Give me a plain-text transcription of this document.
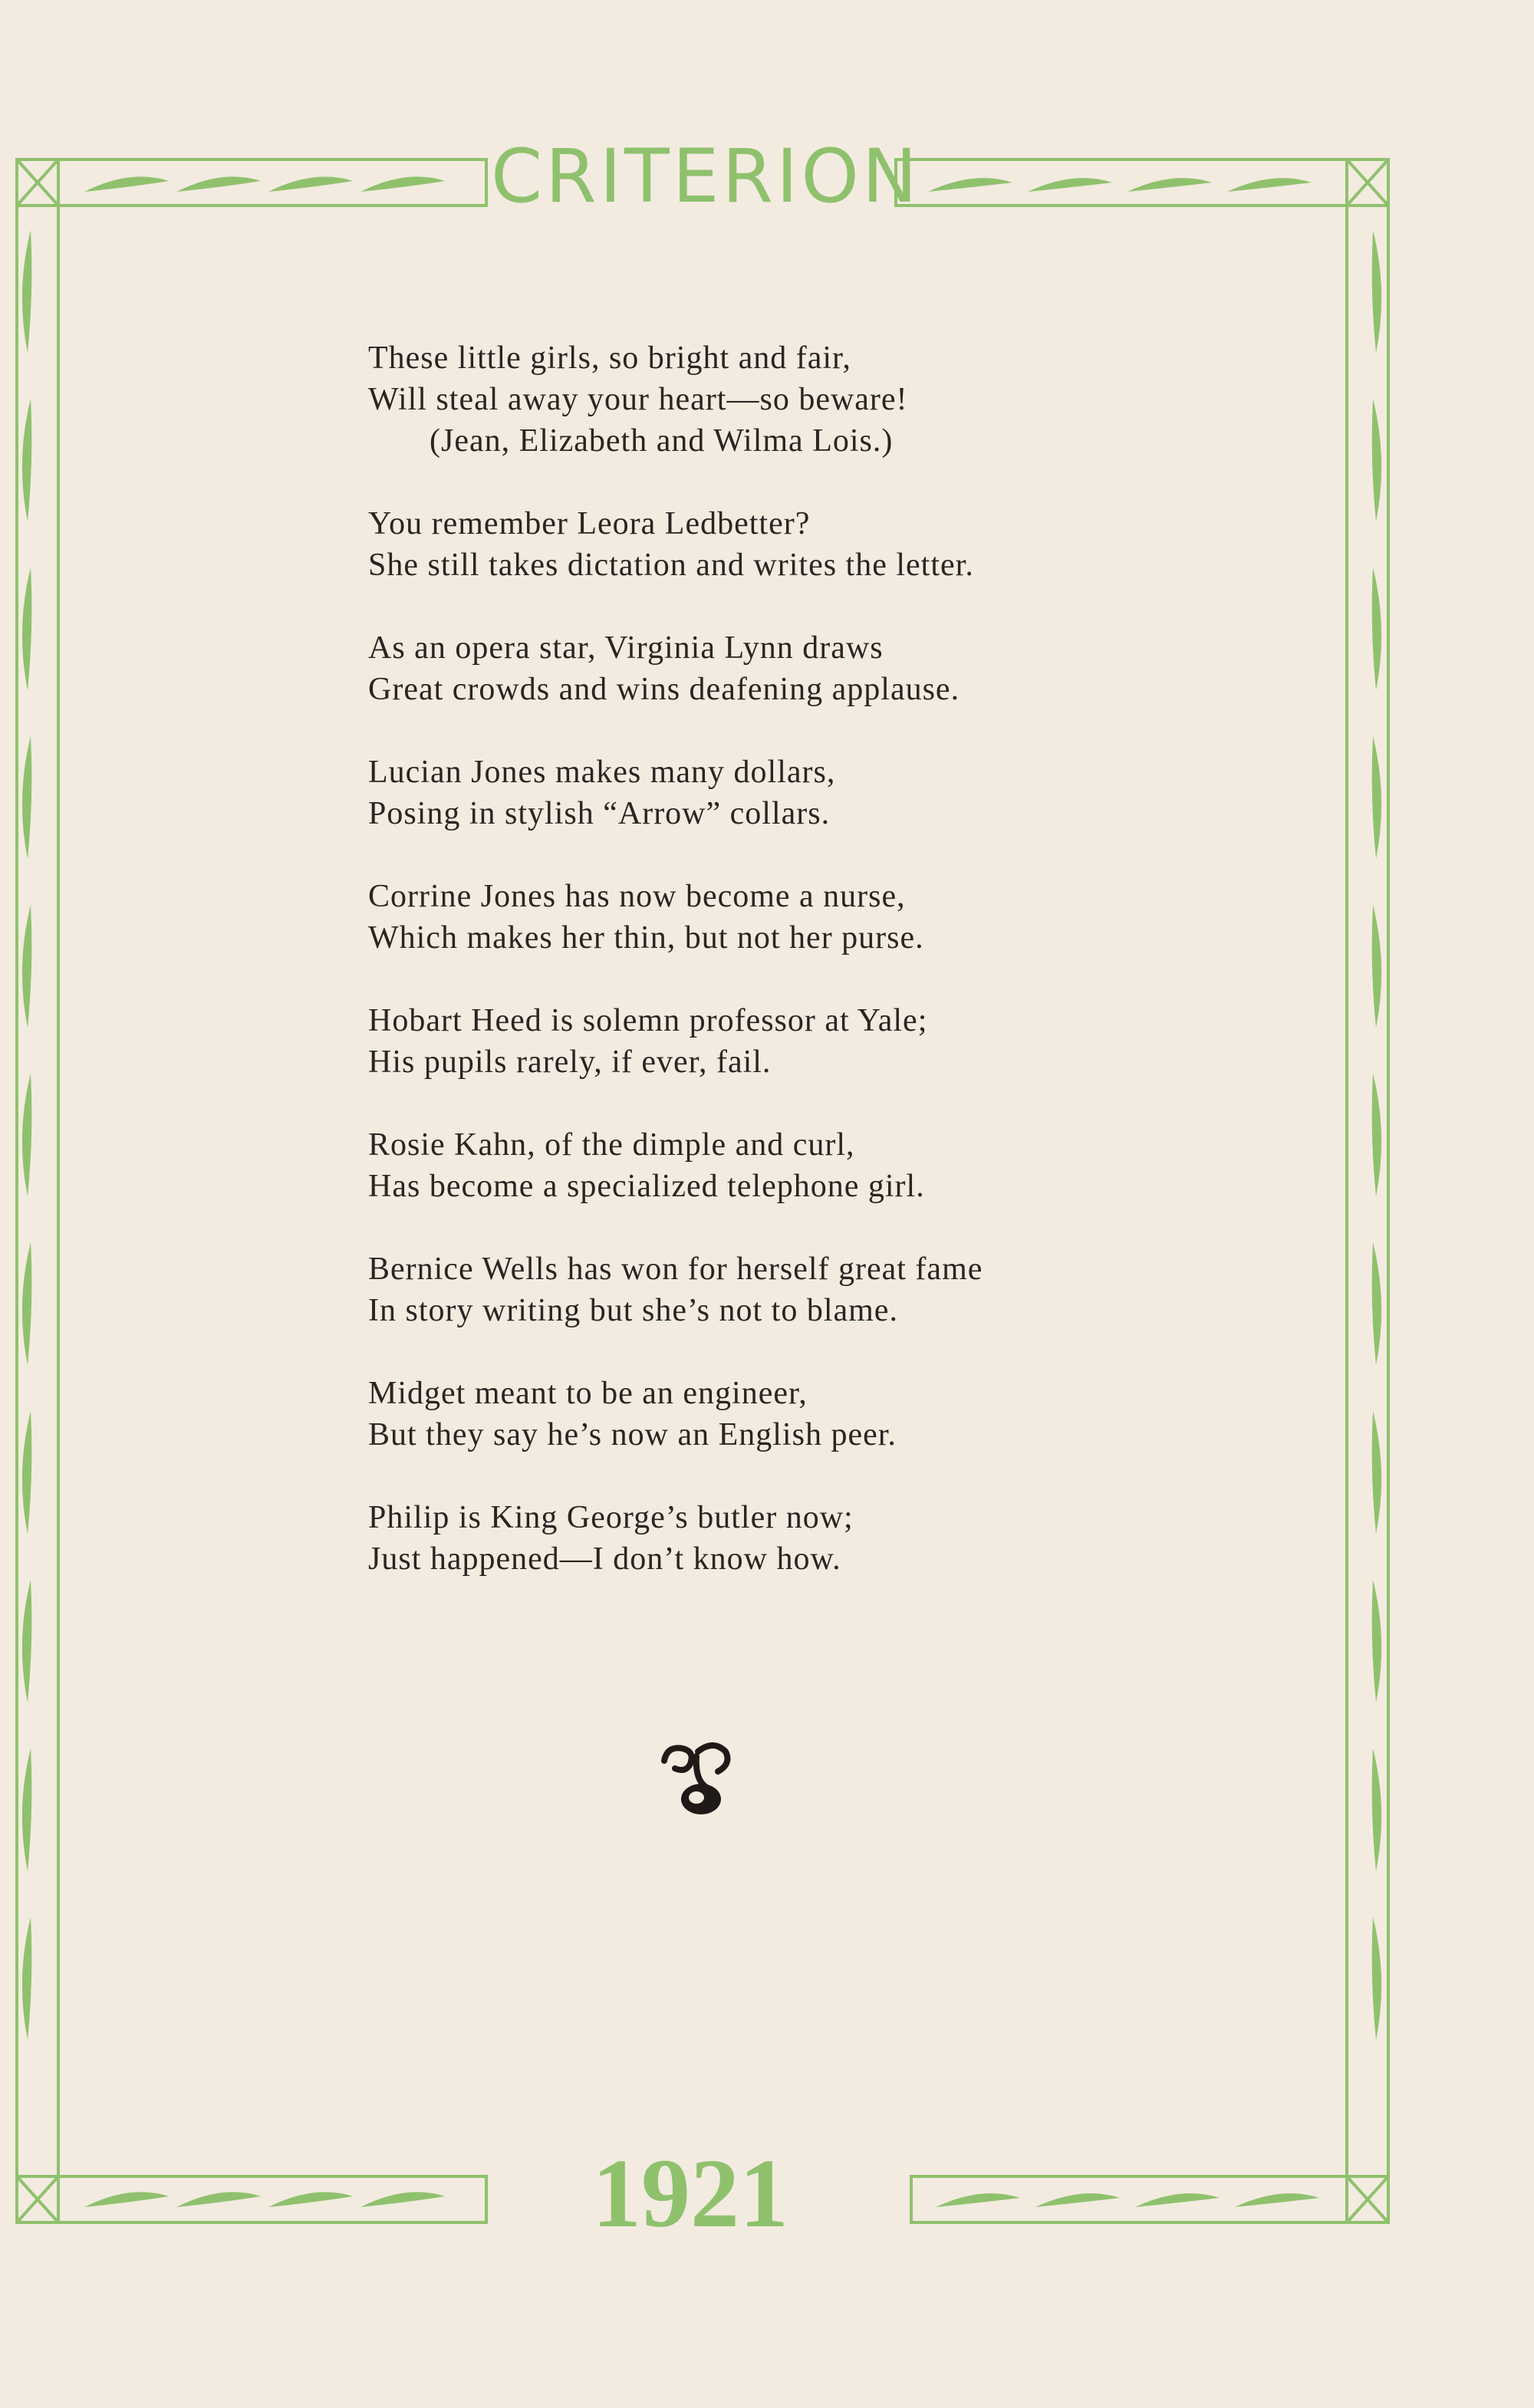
CRITERION
These little girls, so bright and fair,
Will steal away your heart—so beware!
(Jean, Elizabeth and Wilma Lois.)
You remember Leora Ledbetter?
She still takes dictation and writes the letter.
As an opera star, Virginia Lynn draws
Great crowds and wins deafening applause.
Lucian Jones makes many dollars,
Posing in stylish “Arrow” collars.
Corrine Jones has now become a nurse,
Which makes her thin, but not her purse.
Hobart Heed is solemn professor at Yale;
His pupils rarely, if ever, fail.
Rosie Kahn, of the dimple and curl,
Has become a specialized telephone girl.
Bernice Wells has won for herself great fame
In story writing but she’s not to blame.
Midget meant to be an engineer,
But they say he’s now an English peer.
Philip is King George’s butler now;
Just happened—I don’t know how.
1921
